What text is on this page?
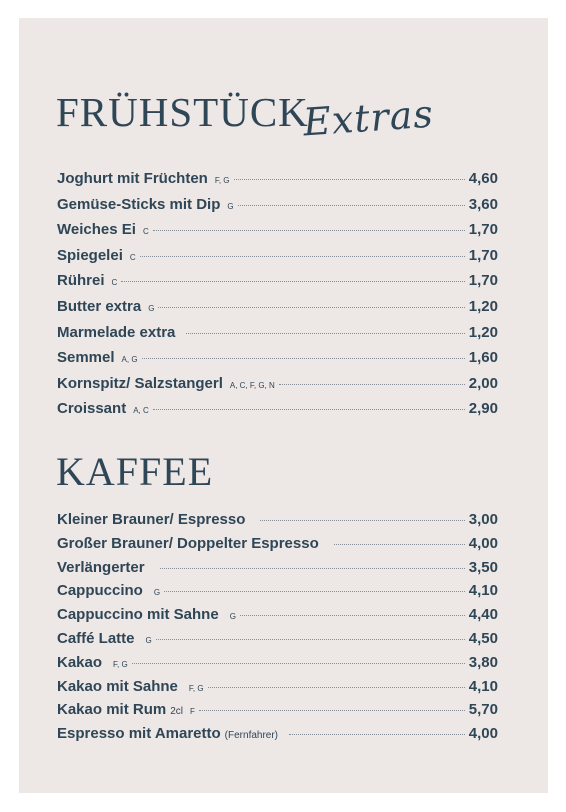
FRÜHSTÜCK
Extras
Joghurt mit Früchten F, G	4,60
Gemüse-Sticks mit Dip G	3,60
Weiches Ei C	1,70
Spiegelei C	1,70
Rührei C	1,70
Butter extra G	1,20
Marmelade extra	1,20
Semmel A, G	1,60
Kornspitz/ Salzstangerl A, C, F, G, N	2,00
Croissant A, C	2,90
KAFFEE
Kleiner Brauner/ Espresso	3,00
Großer Brauner/ Doppelter Espresso	4,00
Verlängerter	3,50
Cappuccino G	4,10
Cappuccino mit Sahne G	4,40
Caffé Latte G	4,50
Kakao F, G	3,80
Kakao mit Sahne F, G	4,10
Kakao mit Rum 2cl F	5,70
Espresso mit Amaretto (Fernfahrer)	4,00
